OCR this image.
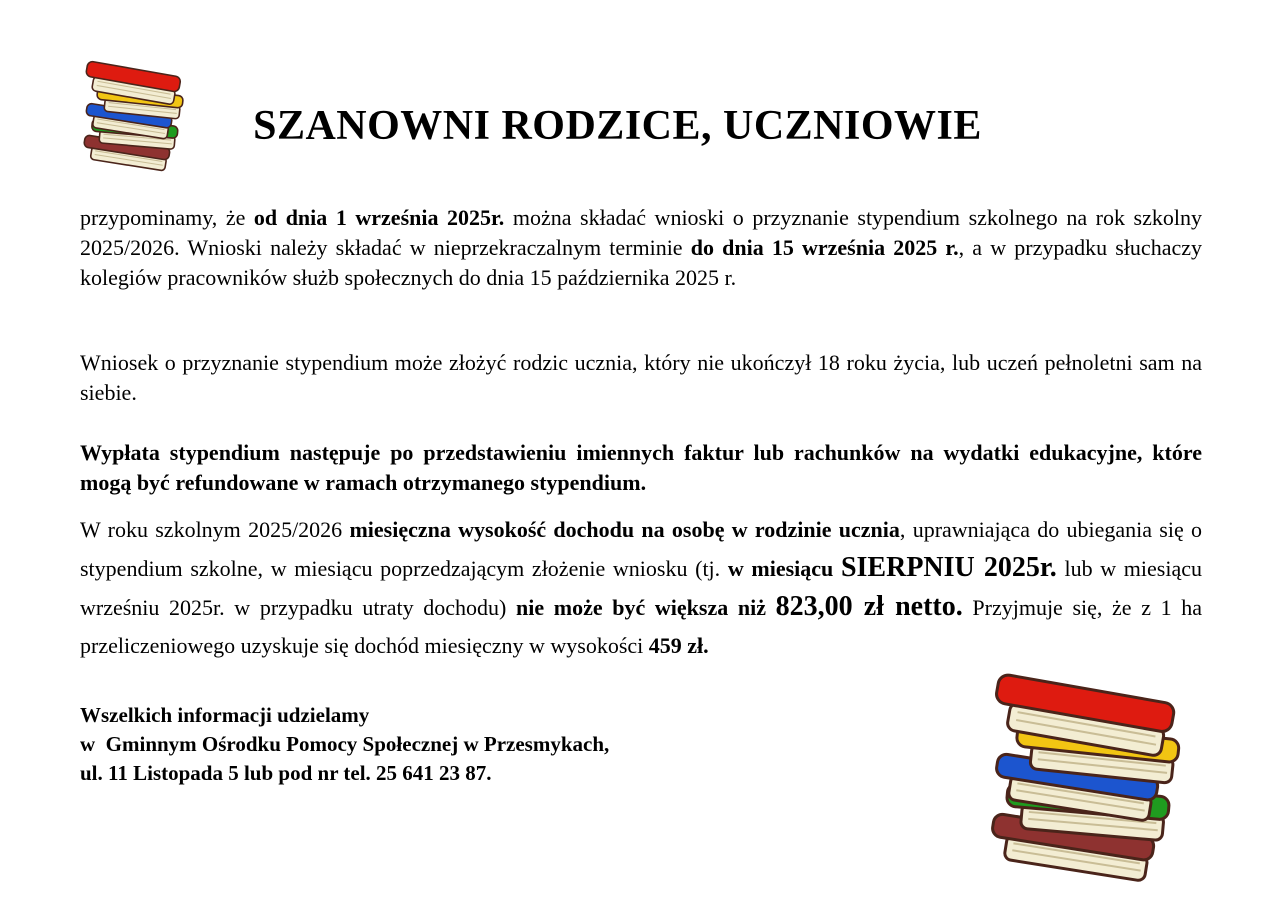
SZANOWNI RODZICE, UCZNIOWIE

przypominamy, że od dnia 1 września 2025r. można składać wnioski o przyznanie stypendium szkolnego na rok szkolny 2025/2026. Wnioski należy składać w nieprzekraczalnym terminie do dnia 15 września 2025 r., a w przypadku słuchaczy kolegiów pracowników służb społecznych do dnia 15 października 2025 r.

Wniosek o przyznanie stypendium może złożyć rodzic ucznia, który nie ukończył 18 roku życia, lub uczeń pełnoletni sam na siebie.

Wypłata stypendium następuje po przedstawieniu imiennych faktur lub rachunków na wydatki edukacyjne, które mogą być refundowane w ramach otrzymanego stypendium.

W roku szkolnym 2025/2026 miesięczna wysokość dochodu na osobę w rodzinie ucznia, uprawniająca do ubiegania się o stypendium szkolne, w miesiącu poprzedzającym złożenie wniosku (tj. w miesiącu SIERPNIU 2025r. lub w miesiącu wrześniu 2025r. w przypadku utraty dochodu) nie może być większa niż 823,00 zł netto. Przyjmuje się, że z 1 ha przeliczeniowego uzyskuje się dochód miesięczny w wysokości 459 zł.

Wszelkich informacji udzielamy
w  Gminnym Ośrodku Pomocy Społecznej w Przesmykach,
ul. 11 Listopada 5 lub pod nr tel. 25 641 23 87.
